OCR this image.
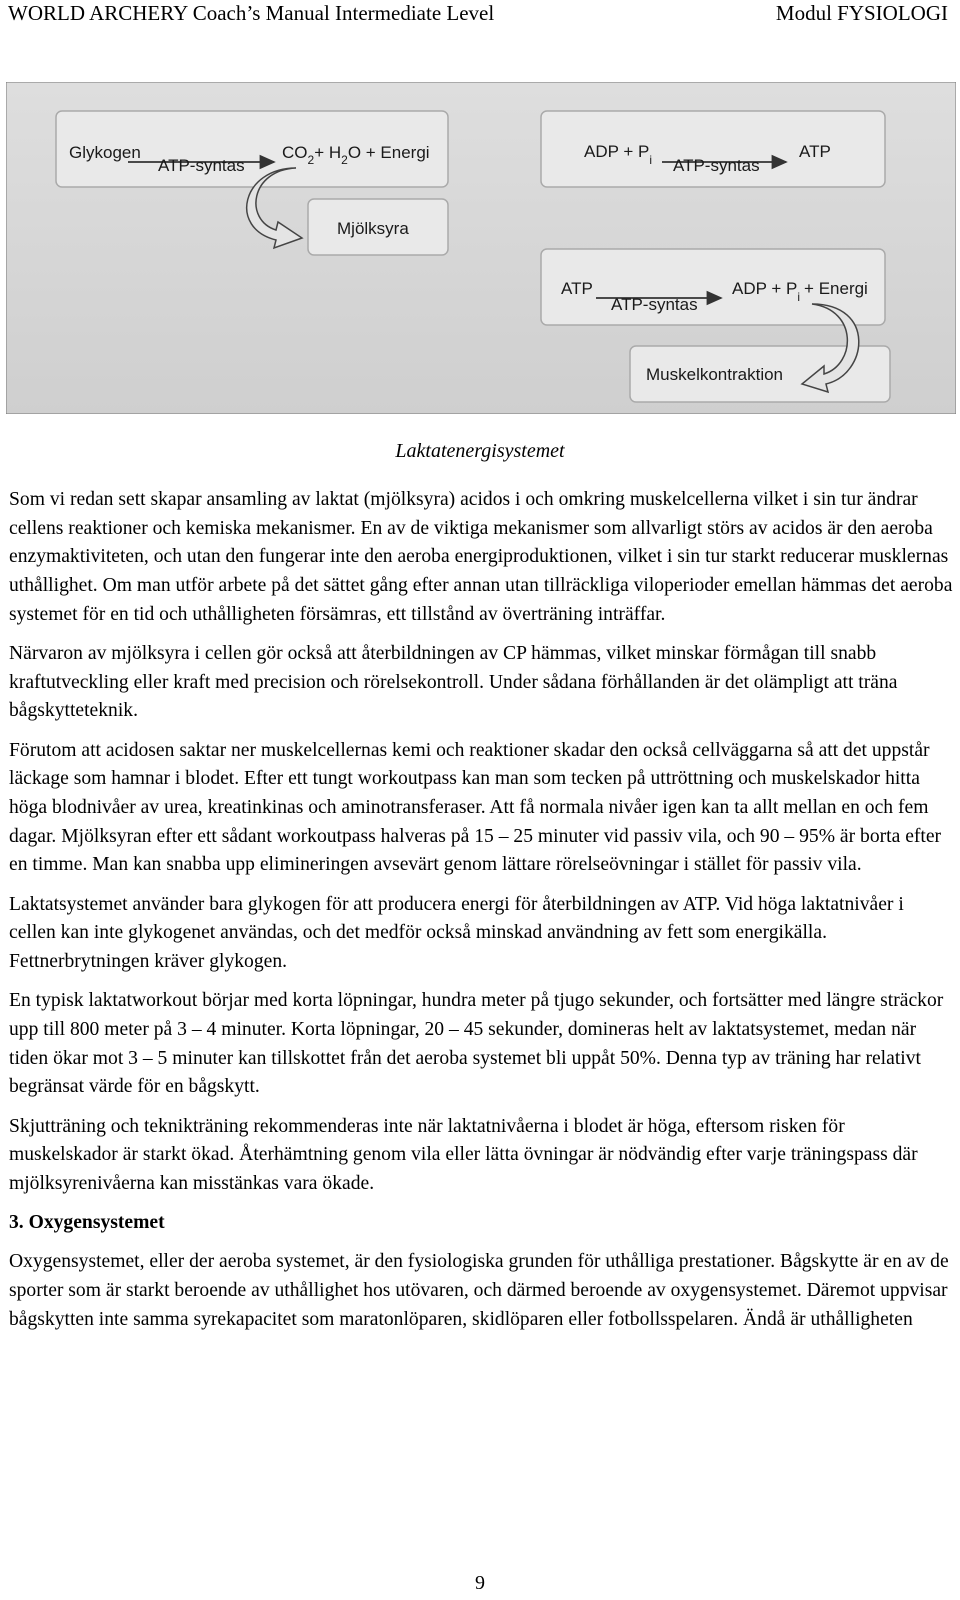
WORLD ARCHERY Coach’s Manual Intermediate Level	Modul FYSIOLOGI
Glykogen
ATP-syntas
$CO_2+ H_2O$ + Energi
Mjölksyra
ADP + $P_i$ ATP-syntas
ATP
ATP
ATP-syntas
ADP + $P_i$ + Energi
Muskelkontraktion
Laktatenergisystemet

Som vi redan sett skapar ansamling av laktat (mjölksyra) acidos i och omkring muskelcellerna vilket i sin tur ändrar cellens reaktioner och kemiska mekanismer. En av de viktiga mekanismer som allvarligt störs av acidos är den aeroba enzymaktiviteten, och utan den fungerar inte den aeroba energiproduktionen, vilket i sin tur starkt reducerar musklernas uthållighet. Om man utför arbete på det sättet gång efter annan utan tillräckliga viloperioder emellan hämmas det aeroba systemet för en tid och uthålligheten försämras, ett tillstånd av överträning inträffar.

Närvaron av mjölksyra i cellen gör också att återbildningen av CP hämmas, vilket minskar förmågan till snabb kraftutveckling eller kraft med precision och rörelsekontroll. Under sådana förhållanden är det olämpligt att träna bågskytteteknik.

Förutom att acidosen saktar ner muskelcellernas kemi och reaktioner skadar den också cellväggarna så att det uppstår läckage som hamnar i blodet. Efter ett tungt workoutpass kan man som tecken på uttröttning och muskelskador hitta höga blodnivåer av urea, kreatinkinas och aminotransferaser. Att få normala nivåer igen kan ta allt mellan en och fem dagar. Mjölksyran efter ett sådant workoutpass halveras på 15 – 25 minuter vid passiv vila, och 90 – 95% är borta efter en timme. Man kan snabba upp elimineringen avsevärt genom lättare rörelseövningar i stället för passiv vila.

Laktatsystemet använder bara glykogen för att producera energi för återbildningen av ATP. Vid höga laktatnivåer i cellen kan inte glykogenet användas, och det medför också minskad användning av fett som energikälla. Fettnerbrytningen kräver glykogen.

En typisk laktatworkout börjar med korta löpningar, hundra meter på tjugo sekunder, och fortsätter med längre sträckor upp till 800 meter på 3 – 4 minuter. Korta löpningar, 20 – 45 sekunder, domineras helt av laktatsystemet, medan när tiden ökar mot 3 – 5 minuter kan tillskottet från det aeroba systemet bli uppåt 50%. Denna typ av träning har relativt begränsat värde för en bågskytt.

Skjutträning och teknikträning rekommenderas inte när laktatnivåerna i blodet är höga, eftersom risken för muskelskador är starkt ökad. Återhämtning genom vila eller lätta övningar är nödvändig efter varje träningspass där mjölksyrenivåerna kan misstänkas vara ökade.

3. Oxygensystemet

Oxygensystemet, eller der aeroba systemet, är den fysiologiska grunden för uthålliga prestationer. Bågskytte är en av de sporter som är starkt beroende av uthållighet hos utövaren, och därmed beroende av oxygensystemet. Däremot uppvisar bågskytten inte samma syrekapacitet som maratonlöparen, skidlöparen eller fotbollsspelaren. Ändå är uthålligheten

9
